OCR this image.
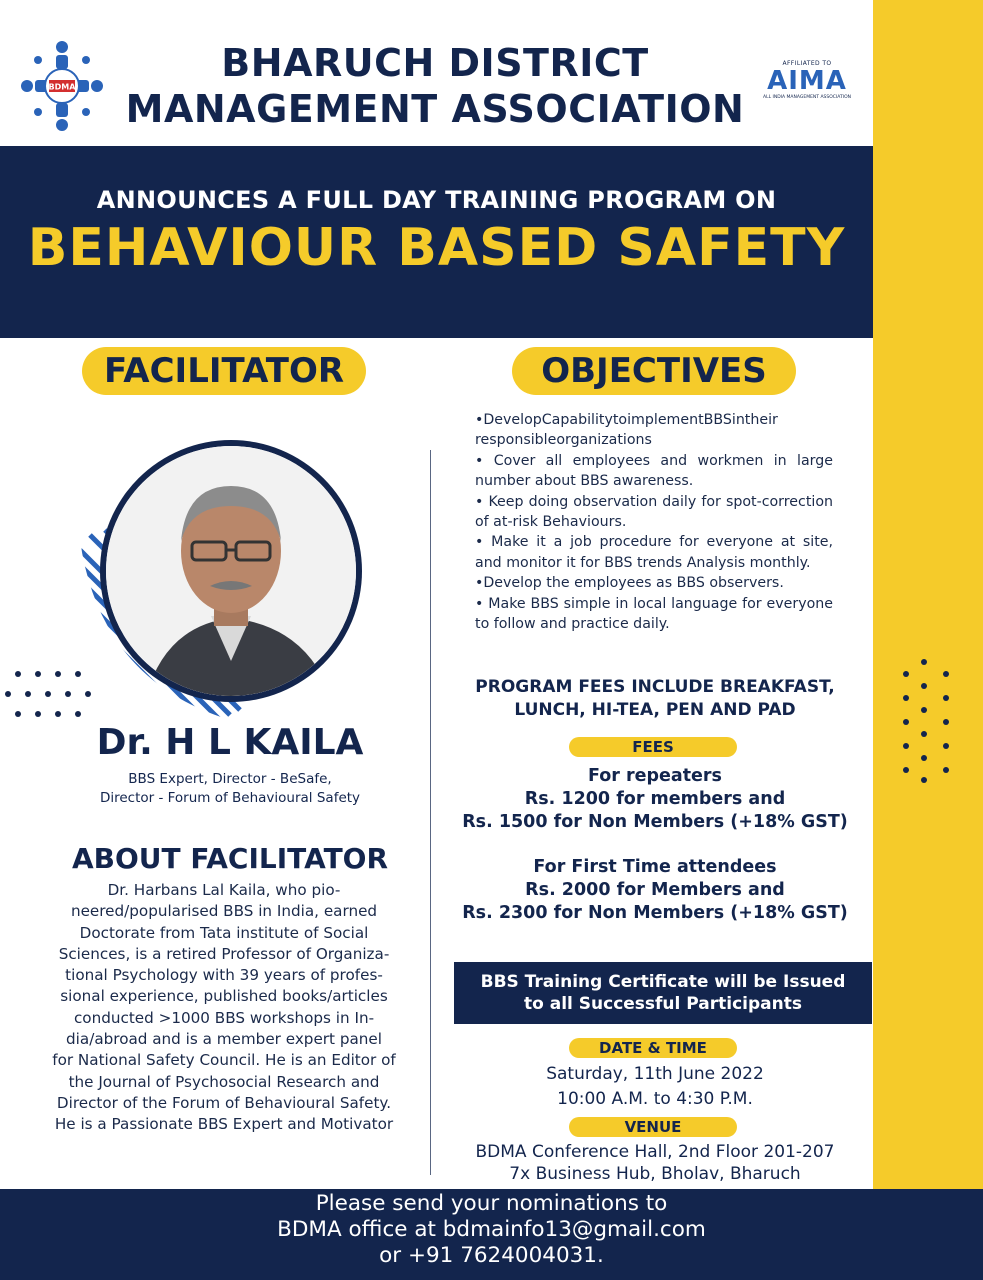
BDMA
BHARUCH DISTRICT
MANAGEMENT ASSOCIATION
AFFILIATED TO
AIMA
ALL INDIA MANAGEMENT ASSOCIATION
ANNOUNCES A FULL DAY TRAINING PROGRAM ON
BEHAVIOUR BASED SAFETY
FACILITATOR	OBJECTIVES
Dr. H L KAILA
BBS Expert, Director - BeSafe,
Director - Forum of Behavioural Safety
ABOUT FACILITATOR
Dr. Harbans Lal Kaila, who pio-
neered/popularised BBS in India, earned
Doctorate from Tata institute of Social
Sciences, is a retired Professor of Organiza-
tional Psychology with 39 years of profes-
sional experience, published books/articles
conducted >1000 BBS workshops in In-
dia/abroad and is a member expert panel
for National Safety Council. He is an Editor of
the Journal of Psychosocial Research and
Director of the Forum of Behavioural Safety.
He is a Passionate BBS Expert and Motivator
•DevelopCapabilitytoimplementBBSintheir responsibleorganizations
• Cover all employees and workmen in large number about BBS awareness.
• Keep doing observation daily for spot-correction of at-risk Behaviours.
• Make it a job procedure for everyone at site, and monitor it for BBS trends Analysis monthly.
•Develop the employees as BBS observers.
• Make BBS simple in local language for everyone to follow and practice daily.
PROGRAM FEES INCLUDE BREAKFAST,
LUNCH, HI-TEA, PEN AND PAD
FEES
For repeaters
Rs. 1200 for members and
Rs. 1500 for Non Members (+18% GST)
For First Time attendees
Rs. 2000 for Members and
Rs. 2300 for Non Members (+18% GST)
BBS Training Certificate will be Issued
to all Successful Participants
DATE & TIME
Saturday, 11th June 2022
10:00 A.M. to 4:30 P.M.
VENUE
BDMA Conference Hall, 2nd Floor 201-207
7x Business Hub, Bholav, Bharuch
Please send your nominations to
BDMA office at bdmainfo13@gmail.com
or +91 7624004031.
